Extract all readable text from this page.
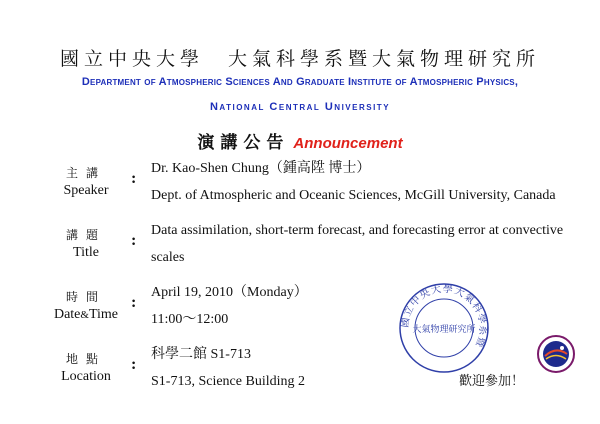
國立中央大學　大氣科學系暨大氣物理研究所
Department of Atmospheric Sciences And Graduate Institute of Atmospheric Physics,
National Central University
演講公告 Announcement
主講
Speaker
:
Dr. Kao-Shen Chung（鍾高陞 博士）
Dept. of Atmospheric and Oceanic Sciences, McGill University, Canada
講題
Title
:
Data assimilation, short-term forecast, and forecasting error at convective
scales
時間
Date&Time
:
April 19, 2010（Monday）
11:00～12:00
地點
Location
:
科學二館 S1-713
S1-713, Science Building 2
國立中央大學大氣科學系暨
大氣物理研究所
歡迎參加！
